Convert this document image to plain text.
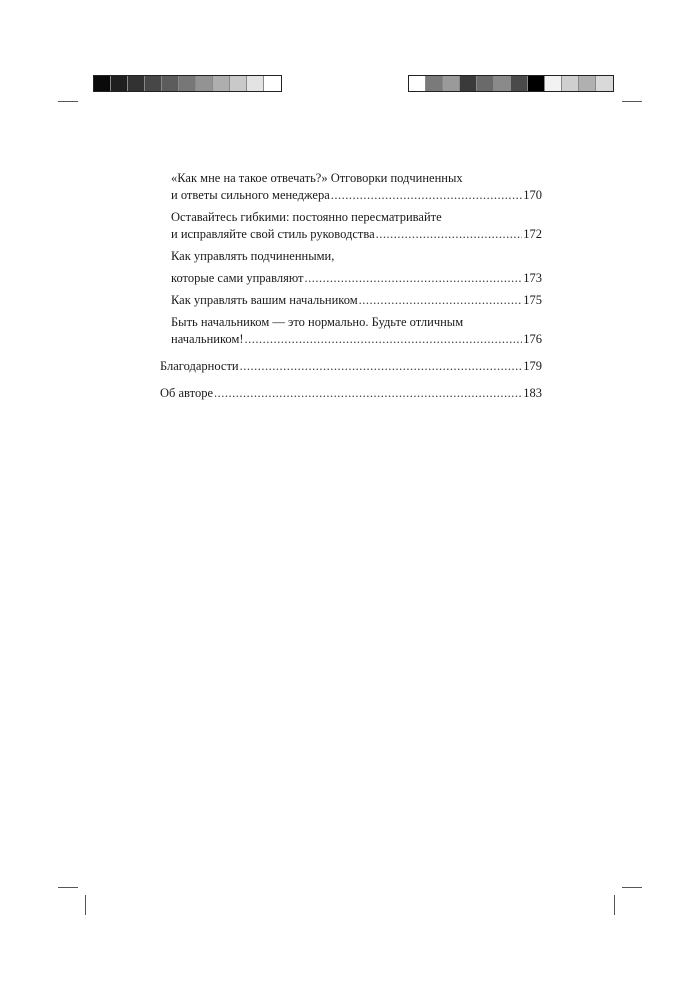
«Как мне на такое отвечать?» Отговорки подчиненных
и ответы сильного менеджера .....	170
Оставайтесь гибкими: постоянно пересматривайте
и исправляйте свой стиль руководства .....	172
Как управлять подчиненными,
которые сами управляют .....	173
Как управлять вашим начальником .....	175
Быть начальником — это нормально. Будьте отличным
начальником! .....	176
Благодарности .....	179
Об авторе .....	183
